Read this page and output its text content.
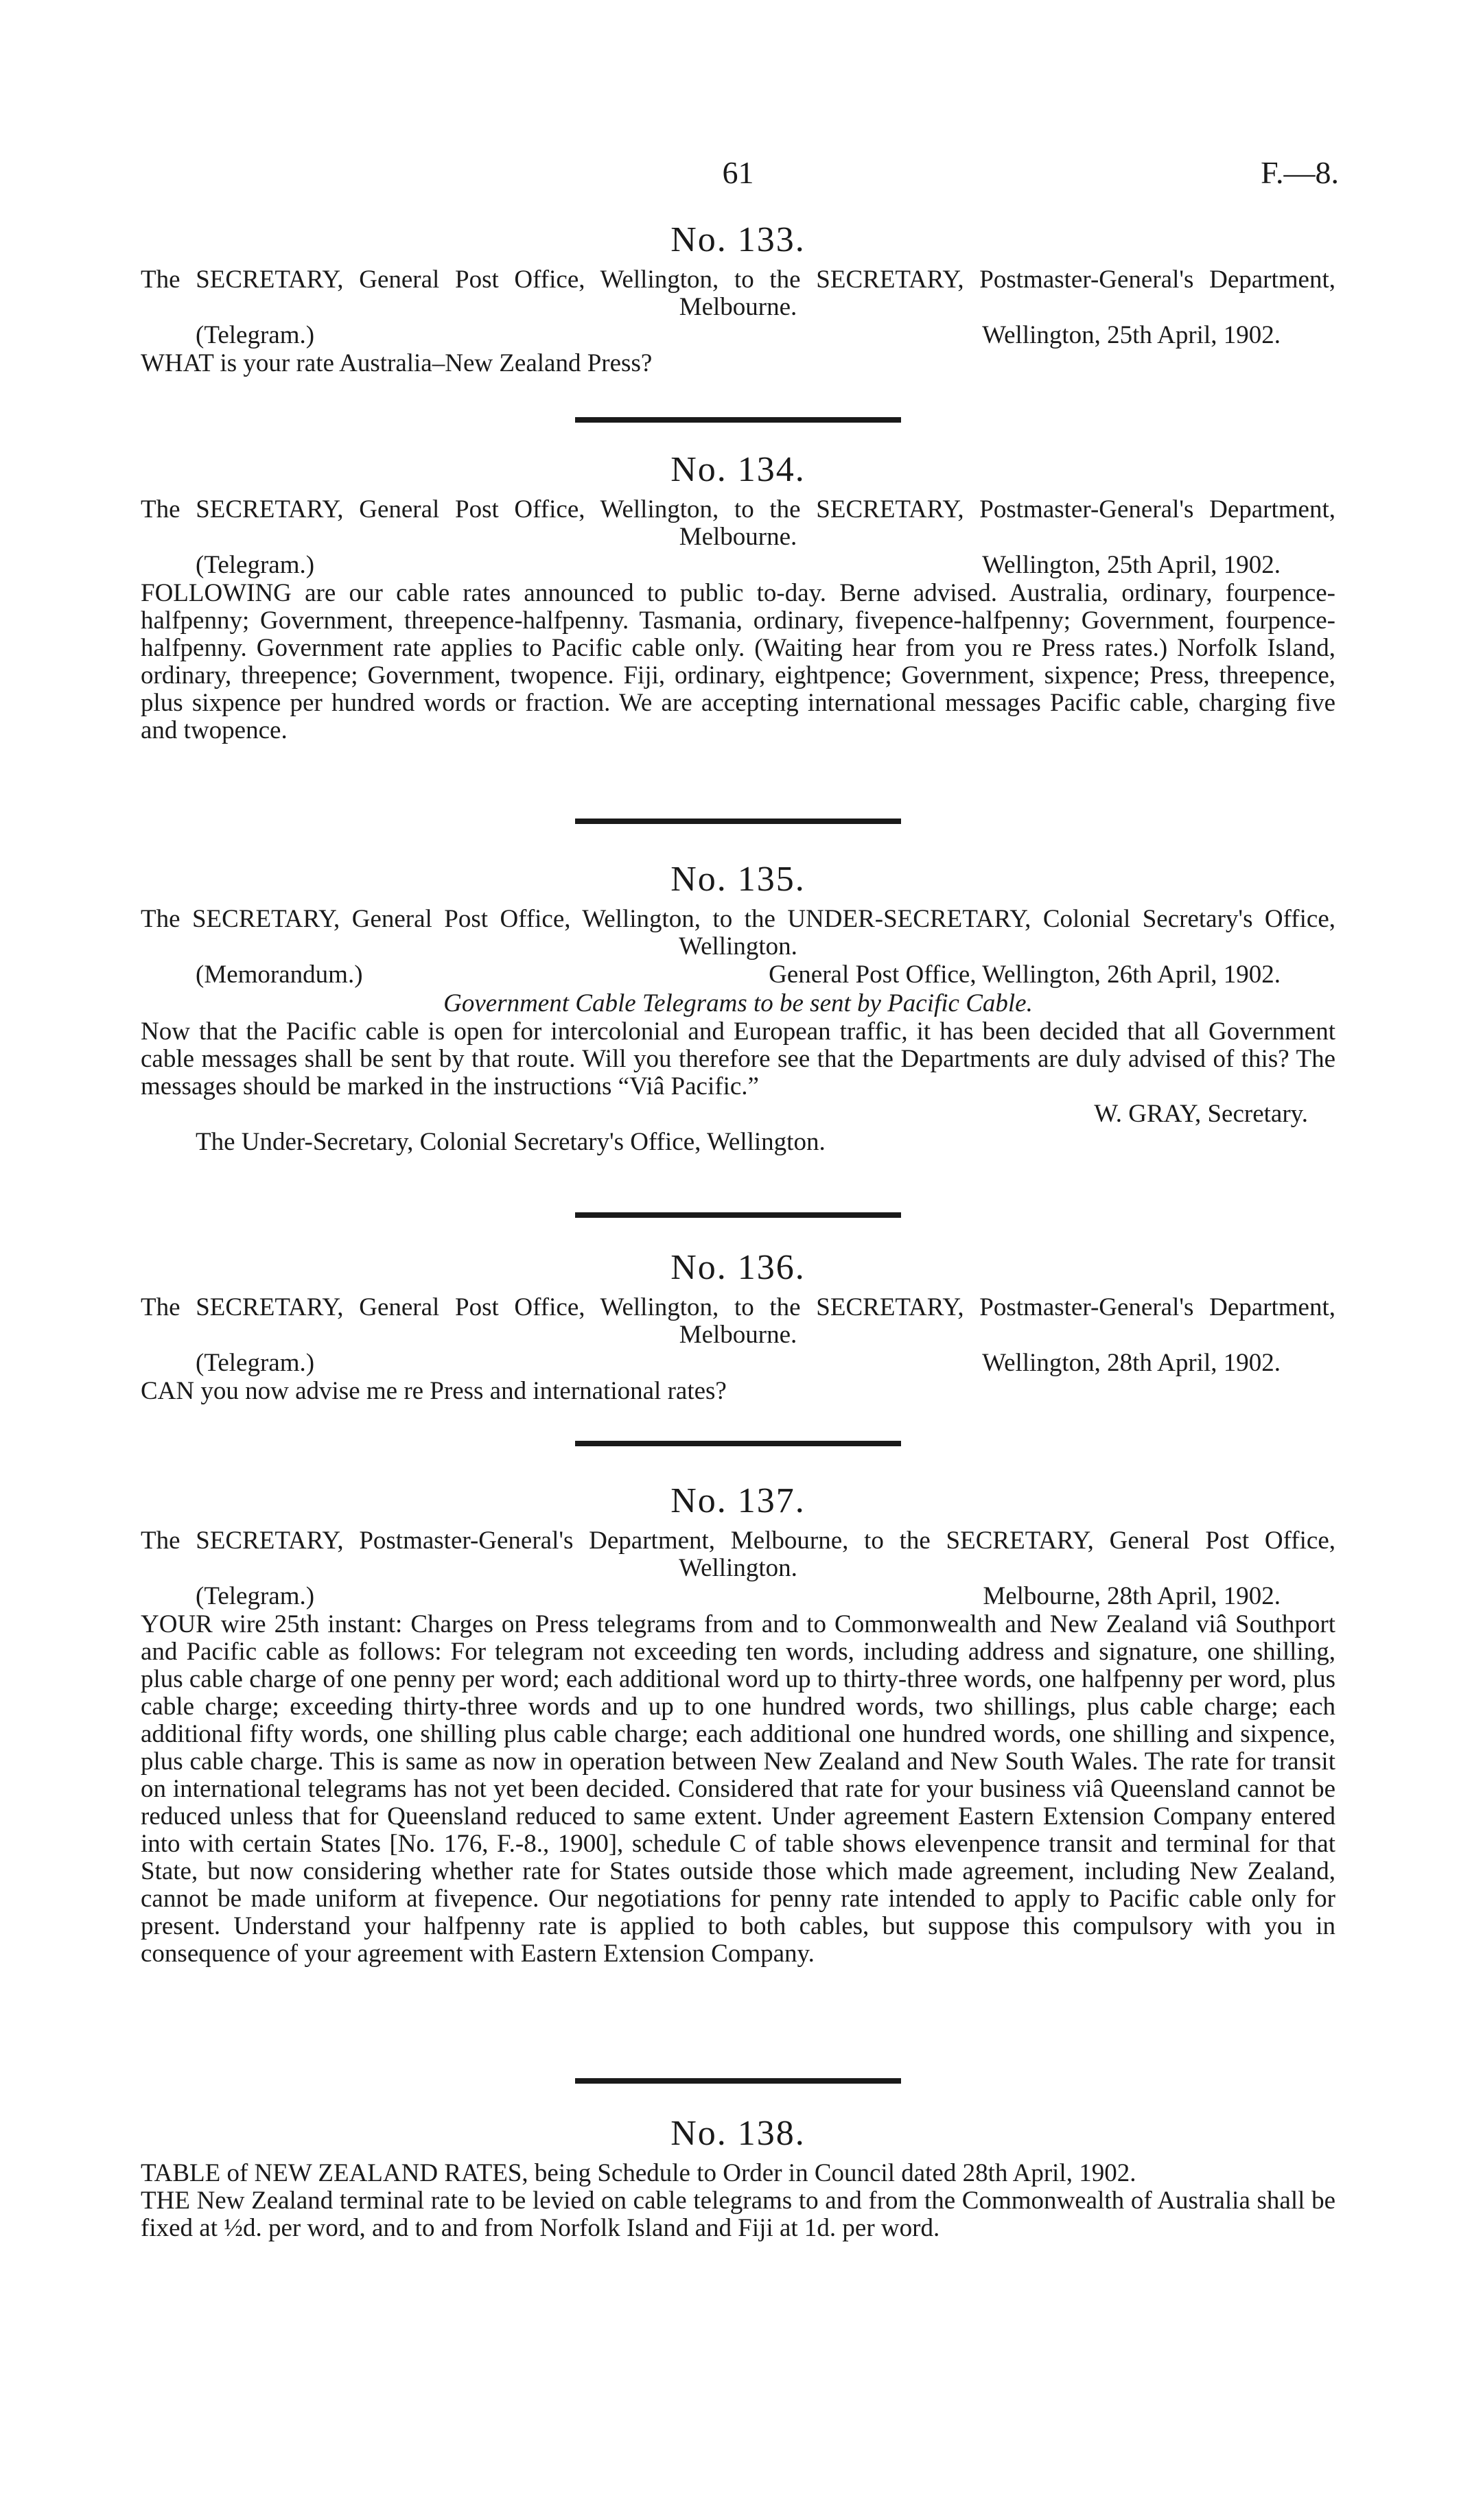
61	F.—8.
No. 133.
The SECRETARY, General Post Office, Wellington, to the SECRETARY, Postmaster-General's Department, Melbourne.
(Telegram.)	Wellington, 25th April, 1902.
WHAT is your rate Australia–New Zealand Press?
No. 134.
The SECRETARY, General Post Office, Wellington, to the SECRETARY, Postmaster-General's Department, Melbourne.
(Telegram.)	Wellington, 25th April, 1902.
FOLLOWING are our cable rates announced to public to-day. Berne advised. Australia, ordinary, fourpence-halfpenny; Government, threepence-halfpenny. Tasmania, ordinary, fivepence-halfpenny; Government, fourpence-halfpenny. Government rate applies to Pacific cable only. (Waiting hear from you re Press rates.) Norfolk Island, ordinary, threepence; Government, twopence. Fiji, ordinary, eightpence; Government, sixpence; Press, threepence, plus sixpence per hundred words or fraction. We are accepting international messages Pacific cable, charging five and twopence.
No. 135.
The SECRETARY, General Post Office, Wellington, to the UNDER-SECRETARY, Colonial Secretary's Office, Wellington.
(Memorandum.)	General Post Office, Wellington, 26th April, 1902.
Government Cable Telegrams to be sent by Pacific Cable.
Now that the Pacific cable is open for intercolonial and European traffic, it has been decided that all Government cable messages shall be sent by that route. Will you therefore see that the Departments are duly advised of this? The messages should be marked in the instructions “Viâ Pacific.”
W. GRAY, Secretary.
The Under-Secretary, Colonial Secretary's Office, Wellington.
No. 136.
The SECRETARY, General Post Office, Wellington, to the SECRETARY, Postmaster-General's Department, Melbourne.
(Telegram.)	Wellington, 28th April, 1902.
CAN you now advise me re Press and international rates?
No. 137.
The SECRETARY, Postmaster-General's Department, Melbourne, to the SECRETARY, General Post Office, Wellington.
(Telegram.)	Melbourne, 28th April, 1902.
YOUR wire 25th instant: Charges on Press telegrams from and to Commonwealth and New Zealand viâ Southport and Pacific cable as follows: For telegram not exceeding ten words, including address and signature, one shilling, plus cable charge of one penny per word; each additional word up to thirty-three words, one halfpenny per word, plus cable charge; exceeding thirty-three words and up to one hundred words, two shillings, plus cable charge; each additional fifty words, one shilling plus cable charge; each additional one hundred words, one shilling and sixpence, plus cable charge. This is same as now in operation between New Zealand and New South Wales. The rate for transit on international telegrams has not yet been decided. Considered that rate for your business viâ Queensland cannot be reduced unless that for Queensland reduced to same extent. Under agreement Eastern Extension Company entered into with certain States [No. 176, F.-8., 1900], schedule C of table shows elevenpence transit and terminal for that State, but now considering whether rate for States outside those which made agreement, including New Zealand, cannot be made uniform at fivepence. Our negotiations for penny rate intended to apply to Pacific cable only for present. Understand your halfpenny rate is applied to both cables, but suppose this compulsory with you in consequence of your agreement with Eastern Extension Company.
No. 138.
TABLE of NEW ZEALAND RATES, being Schedule to Order in Council dated 28th April, 1902.
THE New Zealand terminal rate to be levied on cable telegrams to and from the Commonwealth of Australia shall be fixed at ½d. per word, and to and from Norfolk Island and Fiji at 1d. per word.
